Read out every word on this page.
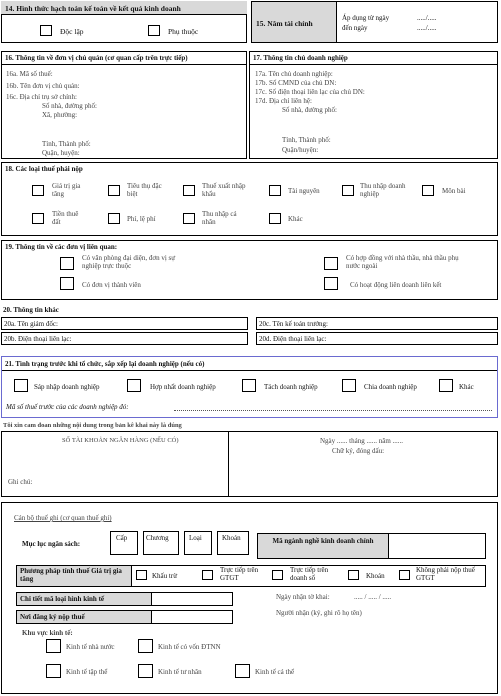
14. Hình thức hạch toán kế toán về kết quả kinh doanh
Độc lập	Phụ thuộc
15. Năm tài chính
Áp dụng từ ngày	...../.....
đến ngày	...../.....
16. Thông tin về đơn vị chủ quản (cơ quan cấp trên trực tiếp)
16a. Mã số thuế:
16b. Tên đơn vị chủ quản:
16c. Địa chỉ trụ sở chính:
Số nhà, đường phố:
Xã, phường:
Tỉnh, Thành phố:
Quận, huyện:
17. Thông tin chủ doanh nghiệp
17a. Tên chủ doanh nghiệp:
17b. Số CMND của chủ DN:
17c. Số điện thoại liên lạc của chủ DN:
17d. Địa chỉ liên hệ:
Số nhà, đường phố:
Tỉnh, Thành phố:
Quận/huyện:
18. Các loại thuế phải nộp
Giá trị gia tăng
Tiêu thụ đặc biệt
Thuế xuất nhập khẩu	Tài nguyên
Thu nhập doanh nghiệp	Môn bài
Tiền thuê đất	Phí, lệ phí
Thu nhập cá nhân	Khác
19. Thông tin về các đơn vị liên quan:
Có văn phòng đại diện, đơn vị sự nghiệp trực thuộc
Có đơn vị thành viên
Có hợp đồng với nhà thầu, nhà thầu phụ nước ngoài
Có hoạt động liên doanh liên kết
20. Thông tin khác
20a. Tên giám đốc:
20b. Điện thoại liên lạc:
20c. Tên kế toán trưởng:
20d. Điện thoại liên lạc:
21. Tình trạng trước khi tổ chức, sắp xếp lại doanh nghiệp (nếu có)
Sáp nhập doanh nghiệp	Hợp nhất doanh nghiệp	Tách doanh nghiệp	Chia doanh nghiệp	Khác
Mã số thuế trước của các doanh nghiệp đó:
Tôi xin cam đoan những nội dung trong bản kê khai này là đúng
SỐ TÀI KHOẢN NGÂN HÀNG (NẾU CÓ)
Ghi chú:
Ngày ...... tháng ...... năm ......
Chữ ký, đóng dấu:
Cán bộ thuế ghi (cơ quan thuế ghi)
Mục lục ngân sách:
Cấp	Chương	Loại	Khoản	Mã ngành nghề kinh doanh chính
Phương pháp tính thuế Giá trị gia tăng	Khấu trừ
Trực tiếp trên GTGT
Trực tiếp trên doanh số	Khoán
Không phải nộp thuế GTGT
Chi tiết mã loại hình kinh tế
Nơi đăng ký nộp thuế
Ngày nhận tờ khai:	..... / ..... / .....
Người nhận (ký, ghi rõ họ tên)
Khu vực kinh tế:
Kinh tế nhà nước	Kinh tế có vốn ĐTNN
Kinh tế tập thể	Kinh tế tư nhân	Kinh tế cá thể
